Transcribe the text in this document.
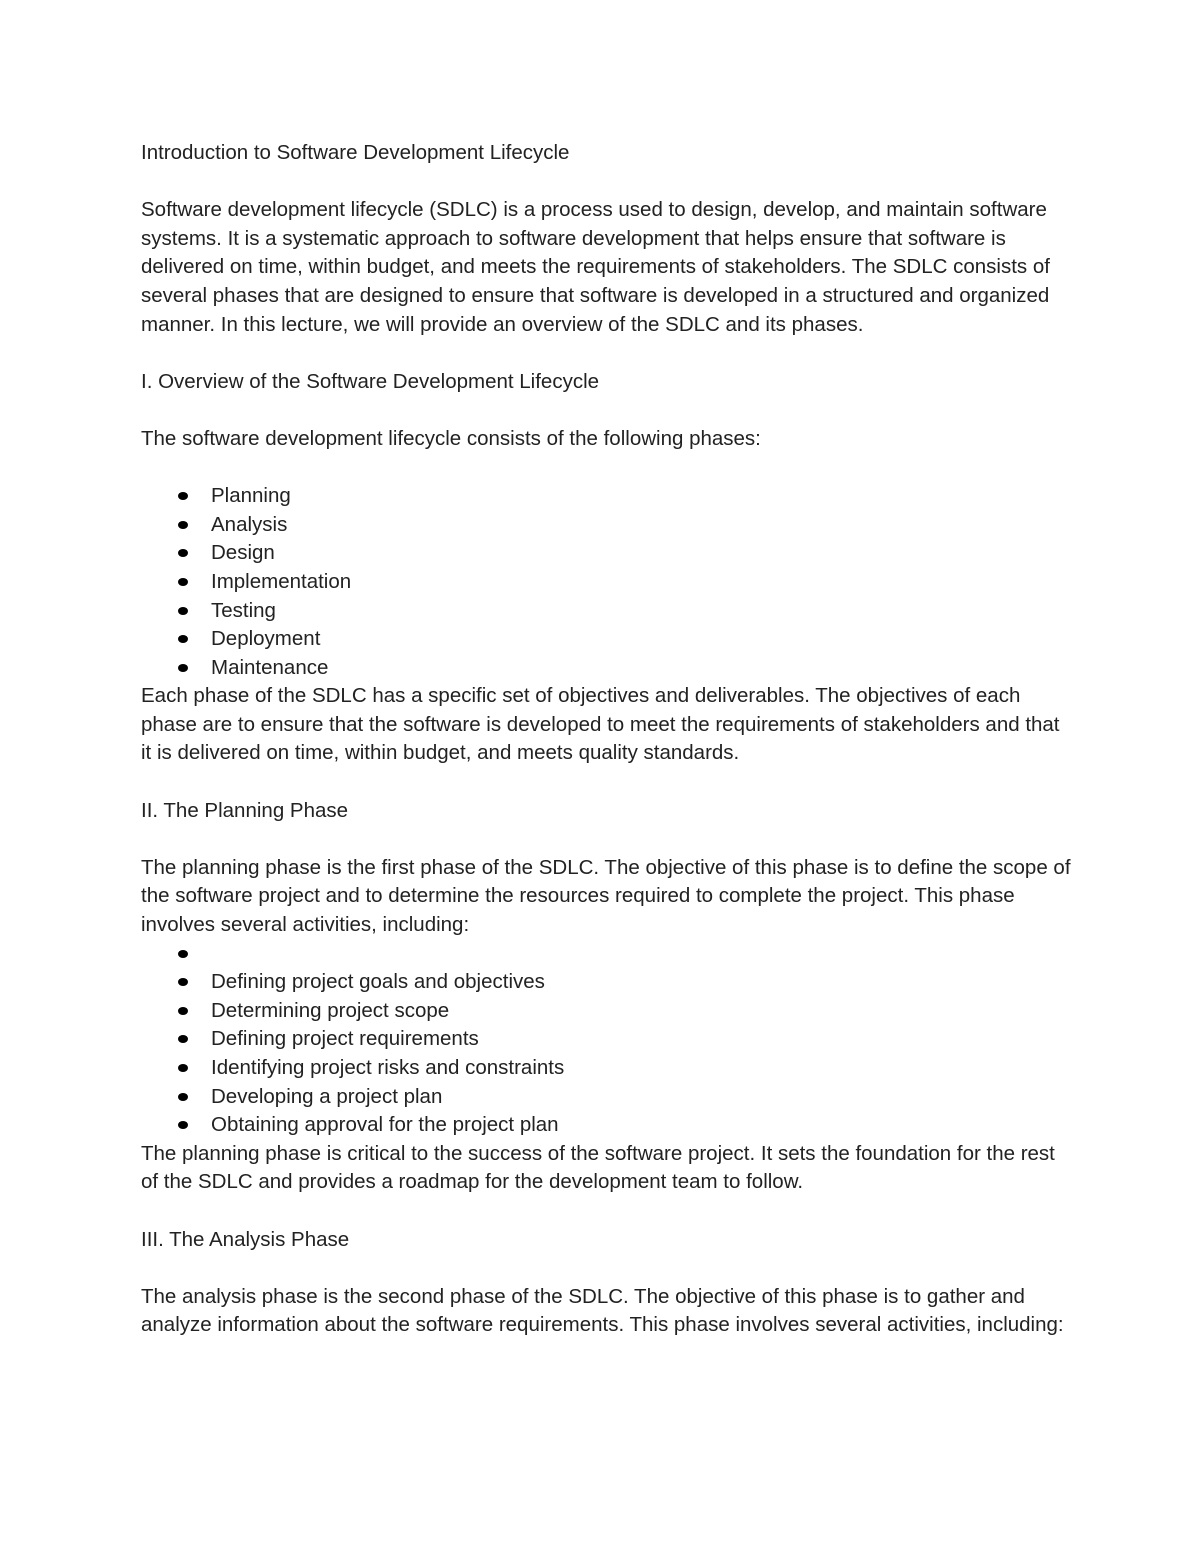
Introduction to Software Development Lifecycle

Software development lifecycle (SDLC) is a process used to design, develop, and maintain software systems. It is a systematic approach to software development that helps ensure that software is delivered on time, within budget, and meets the requirements of stakeholders. The SDLC consists of several phases that are designed to ensure that software is developed in a structured and organized manner. In this lecture, we will provide an overview of the SDLC and its phases.

I. Overview of the Software Development Lifecycle

The software development lifecycle consists of the following phases:

Planning
Analysis
Design
Implementation
Testing
Deployment
Maintenance

Each phase of the SDLC has a specific set of objectives and deliverables. The objectives of each phase are to ensure that the software is developed to meet the requirements of stakeholders and that it is delivered on time, within budget, and meets quality standards.

II. The Planning Phase

The planning phase is the first phase of the SDLC. The objective of this phase is to define the scope of the software project and to determine the resources required to complete the project. This phase involves several activities, including:

Defining project goals and objectives
Determining project scope
Defining project requirements
Identifying project risks and constraints
Developing a project plan
Obtaining approval for the project plan

The planning phase is critical to the success of the software project. It sets the foundation for the rest of the SDLC and provides a roadmap for the development team to follow.

III. The Analysis Phase

The analysis phase is the second phase of the SDLC. The objective of this phase is to gather and analyze information about the software requirements. This phase involves several activities, including:
